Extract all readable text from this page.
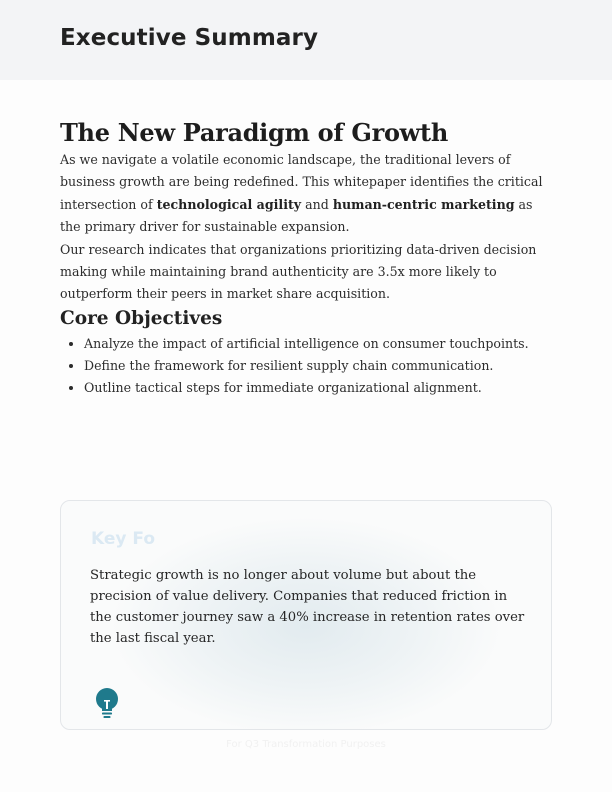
Executive Summary
The New Paradigm of Growth

As we navigate a volatile economic landscape, the traditional levers of business growth are being redefined. This whitepaper identifies the critical intersection of technological agility and human-centric marketing as the primary driver for sustainable expansion.

Our research indicates that organizations prioritizing data-driven decision making while maintaining brand authenticity are 3.5x more likely to outperform their peers in market share acquisition.

Core Objectives
• Analyze the impact of artificial intelligence on consumer touchpoints.
• Define the framework for resilient supply chain communication.
• Outline tactical steps for immediate organizational alignment.

Key Fo

Strategic growth is no longer about volume but about the precision of value delivery. Companies that reduced friction in the customer journey saw a 40% increase in retention rates over the last fiscal year.

For Q3 Transformation Purposes
